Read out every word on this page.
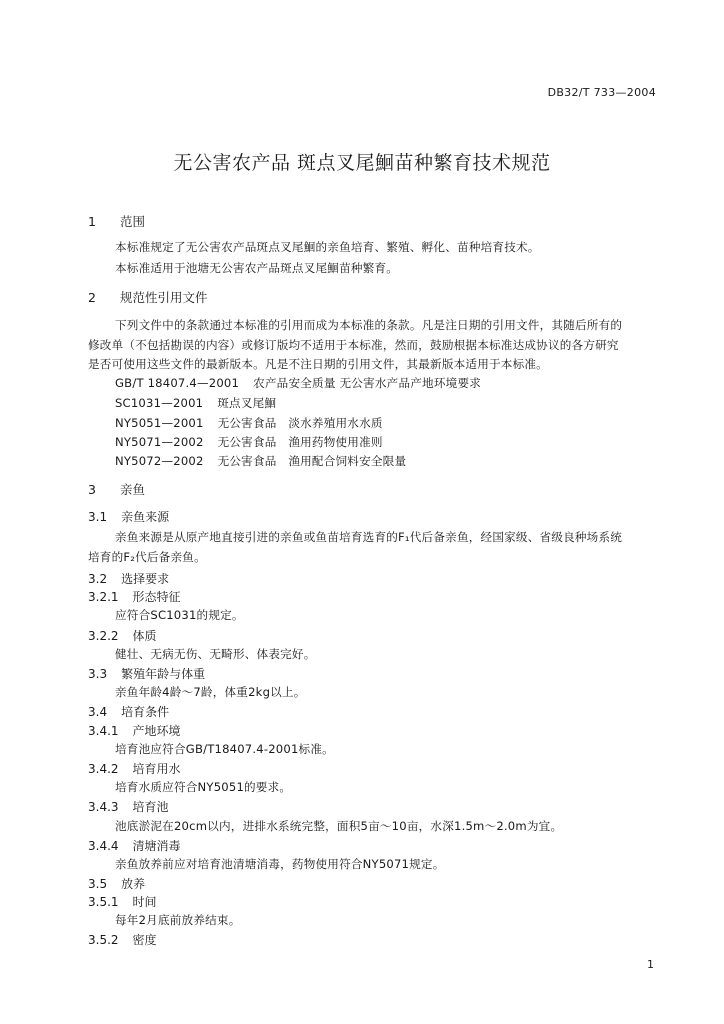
DB32/T 733—2004
无公害农产品 斑点叉尾鮰苗种繁育技术规范
1 范围
本标准规定了无公害农产品斑点叉尾鮰的亲鱼培育、繁殖、孵化、苗种培育技术。
本标准适用于池塘无公害农产品斑点叉尾鮰苗种繁育。
2 规范性引用文件
下列文件中的条款通过本标准的引用而成为本标准的条款。凡是注日期的引用文件，其随后所有的
修改单（不包括勘误的内容）或修订版均不适用于本标准，然而，鼓励根据本标准达成协议的各方研究
是否可使用这些文件的最新版本。凡是不注日期的引用文件，其最新版本适用于本标准。
GB/T 18407.4—2001 农产品安全质量 无公害水产品产地环境要求
SC1031—2001 斑点叉尾鮰
NY5051—2001 无公害食品　淡水养殖用水水质
NY5071—2002 无公害食品　渔用药物使用准则
NY5072—2002 无公害食品　渔用配合饲料安全限量
3 亲鱼
3.1 亲鱼来源
亲鱼来源是从原产地直接引进的亲鱼或鱼苗培育选育的F₁代后备亲鱼，经国家级、省级良种场系统
培育的F₂代后备亲鱼。
3.2 选择要求
3.2.1 形态特征
应符合SC1031的规定。
3.2.2 体质
健壮、无病无伤、无畸形、体表完好。
3.3 繁殖年龄与体重
亲鱼年龄4龄～7龄，体重2kg以上。
3.4 培育条件
3.4.1 产地环境
培育池应符合GB/T18407.4-2001标准。
3.4.2 培育用水
培育水质应符合NY5051的要求。
3.4.3 培育池
池底淤泥在20cm以内，进排水系统完整，面积5亩～10亩，水深1.5m～2.0m为宜。
3.4.4 清塘消毒
亲鱼放养前应对培育池清塘消毒，药物使用符合NY5071规定。
3.5 放养
3.5.1 时间
每年2月底前放养结束。
3.5.2 密度
1
